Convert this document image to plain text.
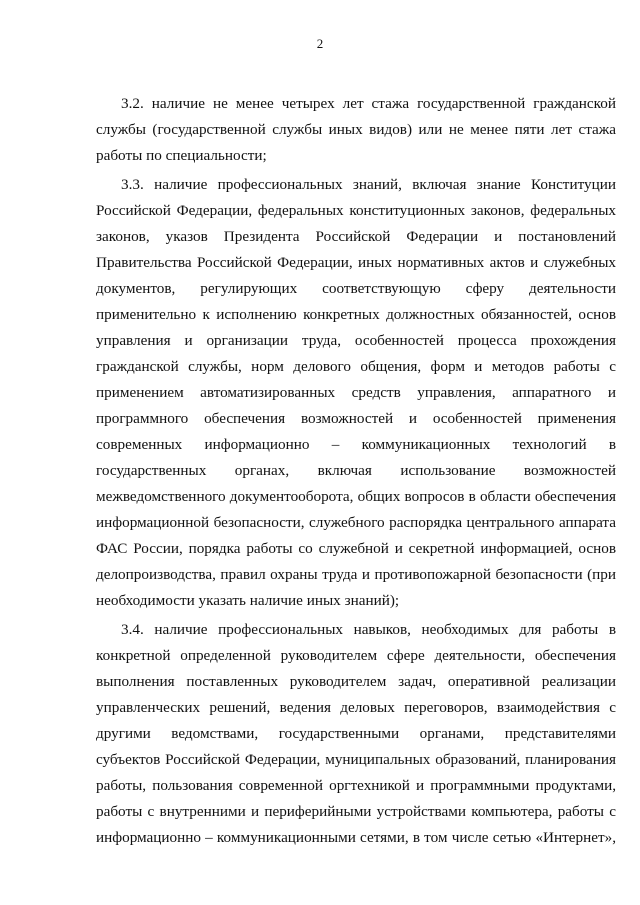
2
3.2. наличие не менее четырех лет стажа государственной гражданской
службы (государственной службы иных видов) или не менее пяти лет стажа
работы по специальности;
3.3. наличие профессиональных знаний, включая знание Конституции
Российской Федерации, федеральных конституционных законов, федеральных
законов, указов Президента Российской Федерации и постановлений
Правительства Российской Федерации, иных нормативных актов и служебных
документов, регулирующих соответствующую сферу деятельности
применительно к исполнению конкретных должностных обязанностей, основ
управления и организации труда, особенностей процесса прохождения
гражданской службы, норм делового общения, форм и методов работы с
применением автоматизированных средств управления, аппаратного и
программного обеспечения возможностей и особенностей применения
современных информационно – коммуникационных технологий в
государственных органах, включая использование возможностей
межведомственного документооборота, общих вопросов в области обеспечения
информационной безопасности, служебного распорядка центрального аппарата
ФАС России, порядка работы со служебной и секретной информацией, основ
делопроизводства, правил охраны труда и противопожарной безопасности (при
необходимости указать наличие иных знаний);
3.4. наличие профессиональных навыков, необходимых для работы в
конкретной определенной руководителем сфере деятельности, обеспечения
выполнения поставленных руководителем задач, оперативной реализации
управленческих решений, ведения деловых переговоров, взаимодействия с
другими ведомствами, государственными органами, представителями
субъектов Российской Федерации, муниципальных образований, планирования
работы, пользования современной оргтехникой и программными продуктами,
работы с внутренними и периферийными устройствами компьютера, работы с
информационно – коммуникационными сетями, в том числе сетью «Интернет»,
